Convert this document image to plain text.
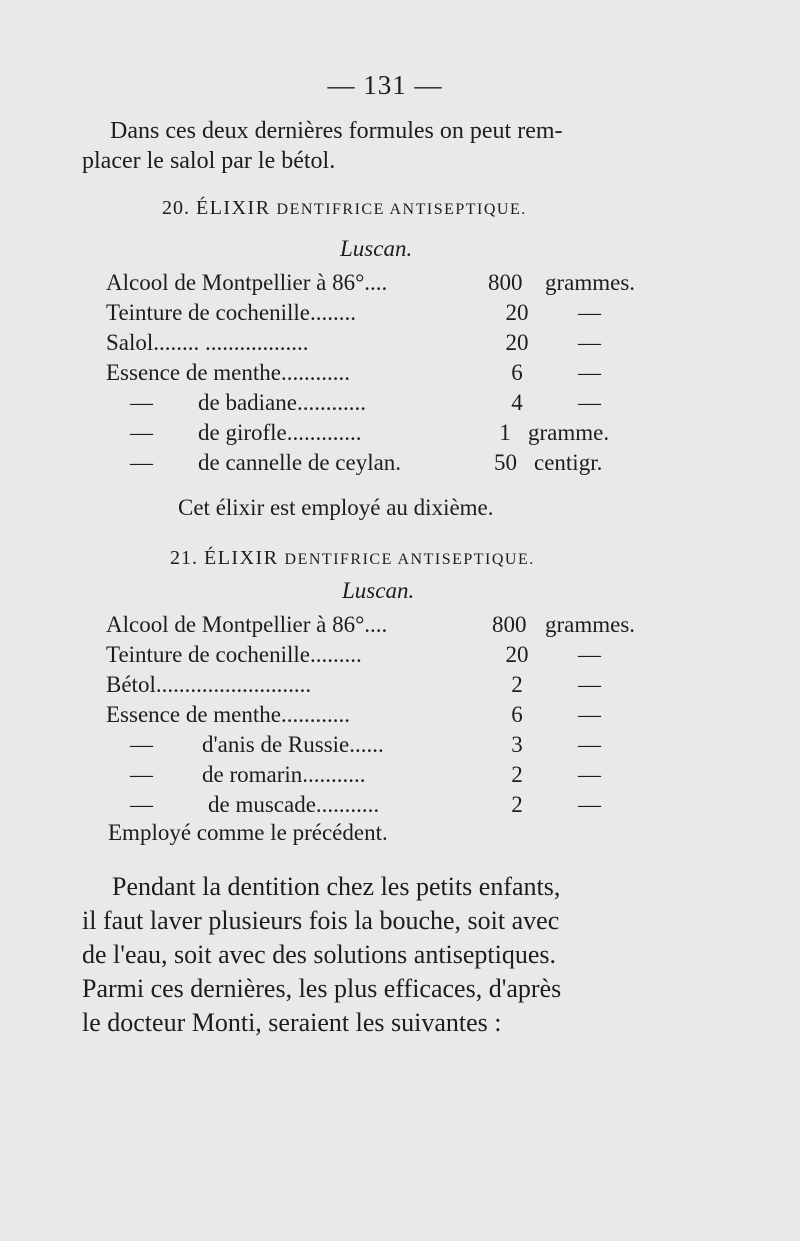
— 131 —
Dans ces deux dernières formules on peut rem-
placer le salol par le bétol.
20. ÉLIXIR DENTIFRICE ANTISEPTIQUE.
Luscan.
Alcool de Montpellier à 86°....	800 grammes.
Teinture de cochenille........	20	—
Salol........ ..................	20	—
Essence de menthe............	6	—
— de badiane............	4	—
— de girofle.............	1 gramme.
— de cannelle de ceylan.	50 centigr.
Cet élixir est employé au dixième.
21. ÉLIXIR DENTIFRICE ANTISEPTIQUE.
Luscan.
Alcool de Montpellier à 86°....	800 grammes.
Teinture de cochenille.........	20	—
Bétol...........................	2	—
Essence de menthe............	6	—
— d'anis de Russie......	3	—
— de romarin...........	2	—
— de muscade...........	2	—
Employé comme le précédent.
Pendant la dentition chez les petits enfants,
il faut laver plusieurs fois la bouche, soit avec
de l'eau, soit avec des solutions antiseptiques.
Parmi ces dernières, les plus efficaces, d'après
le docteur Monti, seraient les suivantes :
